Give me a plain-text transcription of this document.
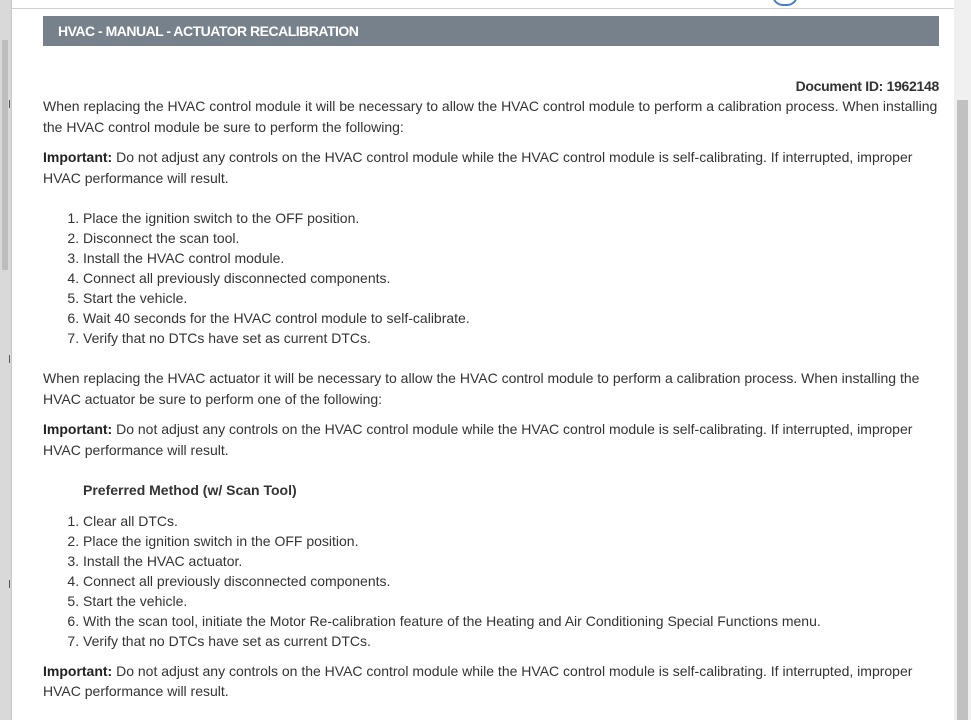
HVAC - MANUAL - ACTUATOR RECALIBRATION
Document ID: 1962148

When replacing the HVAC control module it will be necessary to allow the HVAC control module to perform a calibration process. When installing the HVAC control module be sure to perform the following:

Important: Do not adjust any controls on the HVAC control module while the HVAC control module is self-calibrating. If interrupted, improper HVAC performance will result.

1. Place the ignition switch to the OFF position.
2. Disconnect the scan tool.
3. Install the HVAC control module.
4. Connect all previously disconnected components.
5. Start the vehicle.
6. Wait 40 seconds for the HVAC control module to self-calibrate.
7. Verify that no DTCs have set as current DTCs.

When replacing the HVAC actuator it will be necessary to allow the HVAC control module to perform a calibration process. When installing the HVAC actuator be sure to perform one of the following:

Important: Do not adjust any controls on the HVAC control module while the HVAC control module is self-calibrating. If interrupted, improper HVAC performance will result.

Preferred Method (w/ Scan Tool)

1. Clear all DTCs.
2. Place the ignition switch in the OFF position.
3. Install the HVAC actuator.
4. Connect all previously disconnected components.
5. Start the vehicle.
6. With the scan tool, initiate the Motor Re-calibration feature of the Heating and Air Conditioning Special Functions menu.
7. Verify that no DTCs have set as current DTCs.

Important: Do not adjust any controls on the HVAC control module while the HVAC control module is self-calibrating. If interrupted, improper HVAC performance will result.
